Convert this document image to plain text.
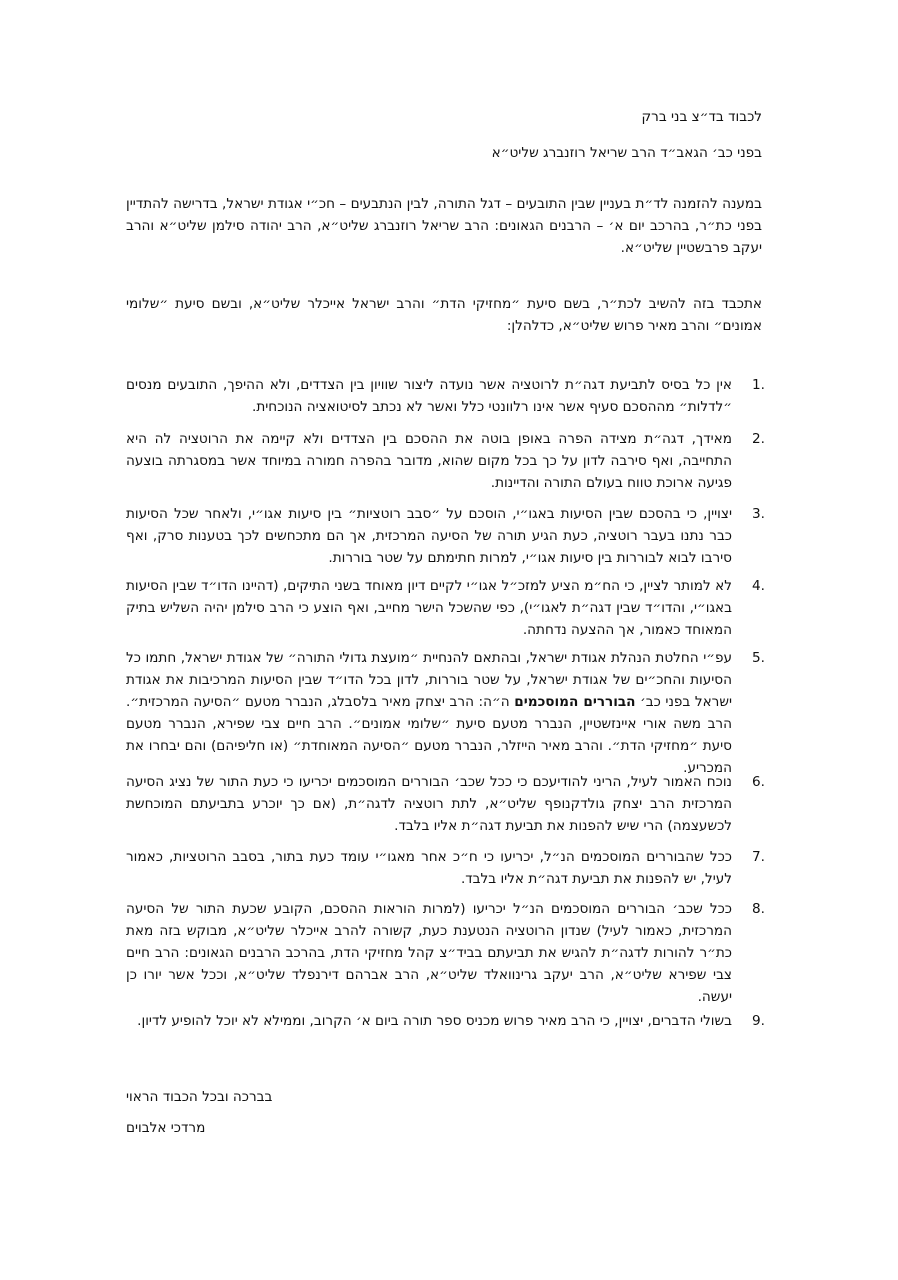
לכבוד בד״צ בני ברק
בפני כב׳ הגאב״ד הרב שריאל רוזנברג שליט״א
במענה להזמנה לד״ת בעניין שבין התובעים – דגל התורה, לבין הנתבעים – חכ״י אגודת ישראל, בדרישה להתדיין בפני כת״ר, בהרכב יום א׳ – הרבנים הגאונים: הרב שריאל רוזנברג שליט״א, הרב יהודה סילמן שליט״א והרב יעקב פרבשטיין שליט״א.
אתכבד בזה להשיב לכת״ר, בשם סיעת ״מחזיקי הדת״ והרב ישראל אייכלר שליט״א, ובשם סיעת ״שלומי אמונים״ והרב מאיר פרוש שליט״א, כדלהלן:
1.
אין כל בסיס לתביעת דגה״ת לרוטציה אשר נועדה ליצור שוויון בין הצדדים, ולא ההיפך, התובעים מנסים ״לדלות״ מההסכם סעיף אשר אינו רלוונטי כלל ואשר לא נכתב לסיטואציה הנוכחית.
2.
מאידך, דגה״ת מצידה הפרה באופן בוטה את ההסכם בין הצדדים ולא קיימה את הרוטציה לה היא התחייבה, ואף סירבה לדון על כך בכל מקום שהוא, מדובר בהפרה חמורה במיוחד אשר במסגרתה בוצעה פגיעה ארוכת טווח בעולם התורה והדיינות.
3.
יצויין, כי בהסכם שבין הסיעות באגו״י, הוסכם על ״סבב רוטציות״ בין סיעות אגו״י, ולאחר שכל הסיעות כבר נתנו בעבר רוטציה, כעת הגיע תורה של הסיעה המרכזית, אך הם מתכחשים לכך בטענות סרק, ואף סירבו לבוא לבוררות בין סיעות אגו״י, למרות חתימתם על שטר בוררות.
4.
לא למותר לציין, כי הח״מ הציע למזכ״ל אגו״י לקיים דיון מאוחד בשני התיקים, (דהיינו הדו״ד שבין הסיעות באגו״י, והדו״ד שבין דגה״ת לאגו״י), כפי שהשכל הישר מחייב, ואף הוצע כי הרב סילמן יהיה השליש בתיק המאוחד כאמור, אך ההצעה נדחתה.
5.
עפ״י החלטת הנהלת אגודת ישראל, ובהתאם להנחיית ״מועצת גדולי התורה״ של אגודת ישראל, חתמו כל הסיעות והחכ״ים של אגודת ישראל, על שטר בוררות, לדון בכל הדו״ד שבין הסיעות המרכיבות את אגודת ישראל בפני כב׳ הבוררים המוסכמים ה״ה: הרב יצחק מאיר בלסבלג, הנברר מטעם ״הסיעה המרכזית״. הרב משה אורי איינזשטיין, הנברר מטעם סיעת ״שלומי אמונים״. הרב חיים צבי שפירא, הנברר מטעם סיעת ״מחזיקי הדת״. והרב מאיר הייזלר, הנברר מטעם ״הסיעה המאוחדת״ (או חליפיהם) והם יבחרו את המכריע.
6.
נוכח האמור לעיל, הריני להודיעכם כי ככל שכב׳ הבוררים המוסכמים יכריעו כי כעת התור של נציג הסיעה המרכזית הרב יצחק גולדקנופף שליט״א, לתת רוטציה לדגה״ת, (אם כך יוכרע בתביעתם המוכחשת לכשעצמה) הרי שיש להפנות את תביעת דגה״ת אליו בלבד.
7.
ככל שהבוררים המוסכמים הנ״ל, יכריעו כי ח״כ אחר מאגו״י עומד כעת בתור, בסבב הרוטציות, כאמור לעיל, יש להפנות את תביעת דגה״ת אליו בלבד.
8.
ככל שכב׳ הבוררים המוסכמים הנ״ל יכריעו (למרות הוראות ההסכם, הקובע שכעת התור של הסיעה המרכזית, כאמור לעיל) שנדון הרוטציה הנטענת כעת, קשורה להרב אייכלר שליט״א, מבוקש בזה מאת כת״ר להורות לדגה״ת להגיש את תביעתם בביד״צ קהל מחזיקי הדת, בהרכב הרבנים הגאונים: הרב חיים צבי שפירא שליט״א, הרב יעקב גרינוואלד שליט״א, הרב אברהם דירנפלד שליט״א, וככל אשר יורו כן יעשה.
9.
בשולי הדברים, יצויין, כי הרב מאיר פרוש מכניס ספר תורה ביום א׳ הקרוב, וממילא לא יוכל להופיע לדיון.
בברכה ובכל הכבוד הראוי
מרדכי אלבוים
